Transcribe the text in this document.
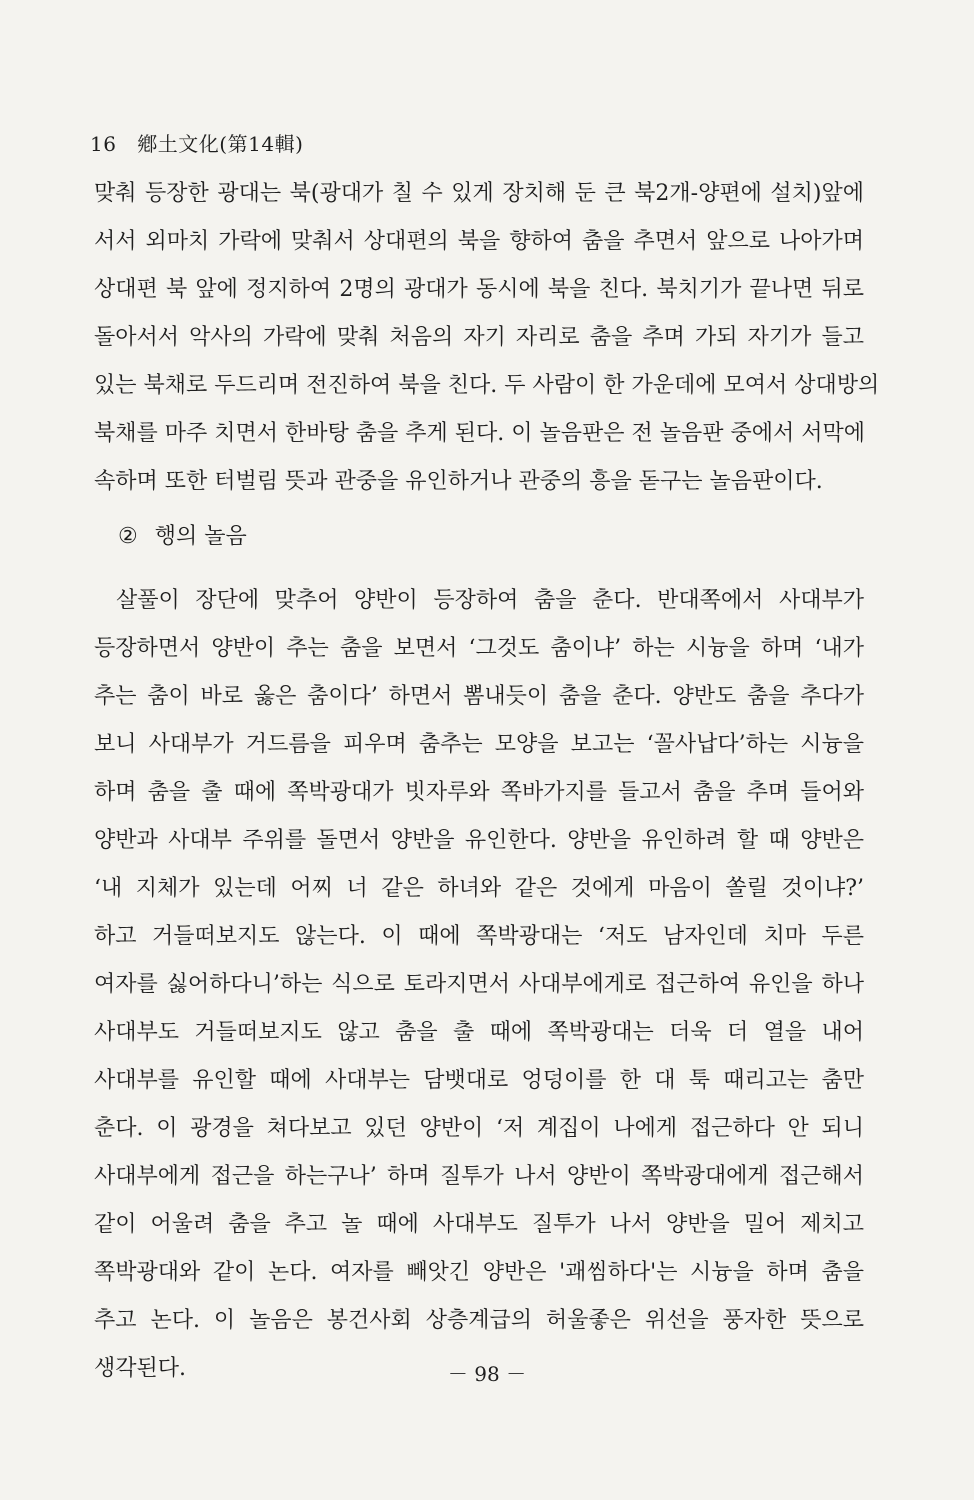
16 鄕土文化(第14輯)
맞춰 등장한 광대는 북(광대가 칠 수 있게 장치해 둔 큰 북2개-양편에 설치)앞에
서서 외마치 가락에 맞춰서 상대편의 북을 향하여 춤을 추면서 앞으로 나아가며
상대편 북 앞에 정지하여 2명의 광대가 동시에 북을 친다. 북치기가 끝나면 뒤로
돌아서서 악사의 가락에 맞춰 처음의 자기 자리로 춤을 추며 가되 자기가 들고
있는 북채로 두드리며 전진하여 북을 친다. 두 사람이 한 가운데에 모여서 상대방의
북채를 마주 치면서 한바탕 춤을 추게 된다. 이 놀음판은 전 놀음판 중에서 서막에
속하며 또한 터벌림 뜻과 관중을 유인하거나 관중의 흥을 돋구는 놀음판이다.
② 행의 놀음
살풀이 장단에 맞추어 양반이 등장하여 춤을 춘다. 반대쪽에서 사대부가
등장하면서 양반이 추는 춤을 보면서 ‘그것도 춤이냐’ 하는 시늉을 하며 ‘내가
추는 춤이 바로 옳은 춤이다’ 하면서 뽐내듯이 춤을 춘다. 양반도 춤을 추다가
보니 사대부가 거드름을 피우며 춤추는 모양을 보고는 ‘꼴사납다’하는 시늉을
하며 춤을 출 때에 쪽박광대가 빗자루와 쪽바가지를 들고서 춤을 추며 들어와
양반과 사대부 주위를 돌면서 양반을 유인한다. 양반을 유인하려 할 때 양반은
‘내 지체가 있는데 어찌 너 같은 하녀와 같은 것에게 마음이 쏠릴 것이냐?’
하고 거들떠보지도 않는다. 이 때에 쪽박광대는 ‘저도 남자인데 치마 두른
여자를 싫어하다니’하는 식으로 토라지면서 사대부에게로 접근하여 유인을 하나
사대부도 거들떠보지도 않고 춤을 출 때에 쪽박광대는 더욱 더 열을 내어
사대부를 유인할 때에 사대부는 담뱃대로 엉덩이를 한 대 툭 때리고는 춤만
춘다. 이 광경을 쳐다보고 있던 양반이 ‘저 계집이 나에게 접근하다 안 되니
사대부에게 접근을 하는구나’ 하며 질투가 나서 양반이 쪽박광대에게 접근해서
같이 어울려 춤을 추고 놀 때에 사대부도 질투가 나서 양반을 밀어 제치고
쪽박광대와 같이 논다. 여자를 빼앗긴 양반은 '괘씸하다'는 시늉을 하며 춤을
추고 논다. 이 놀음은 봉건사회 상층계급의 허울좋은 위선을 풍자한 뜻으로
생각된다.	－ 98 －
